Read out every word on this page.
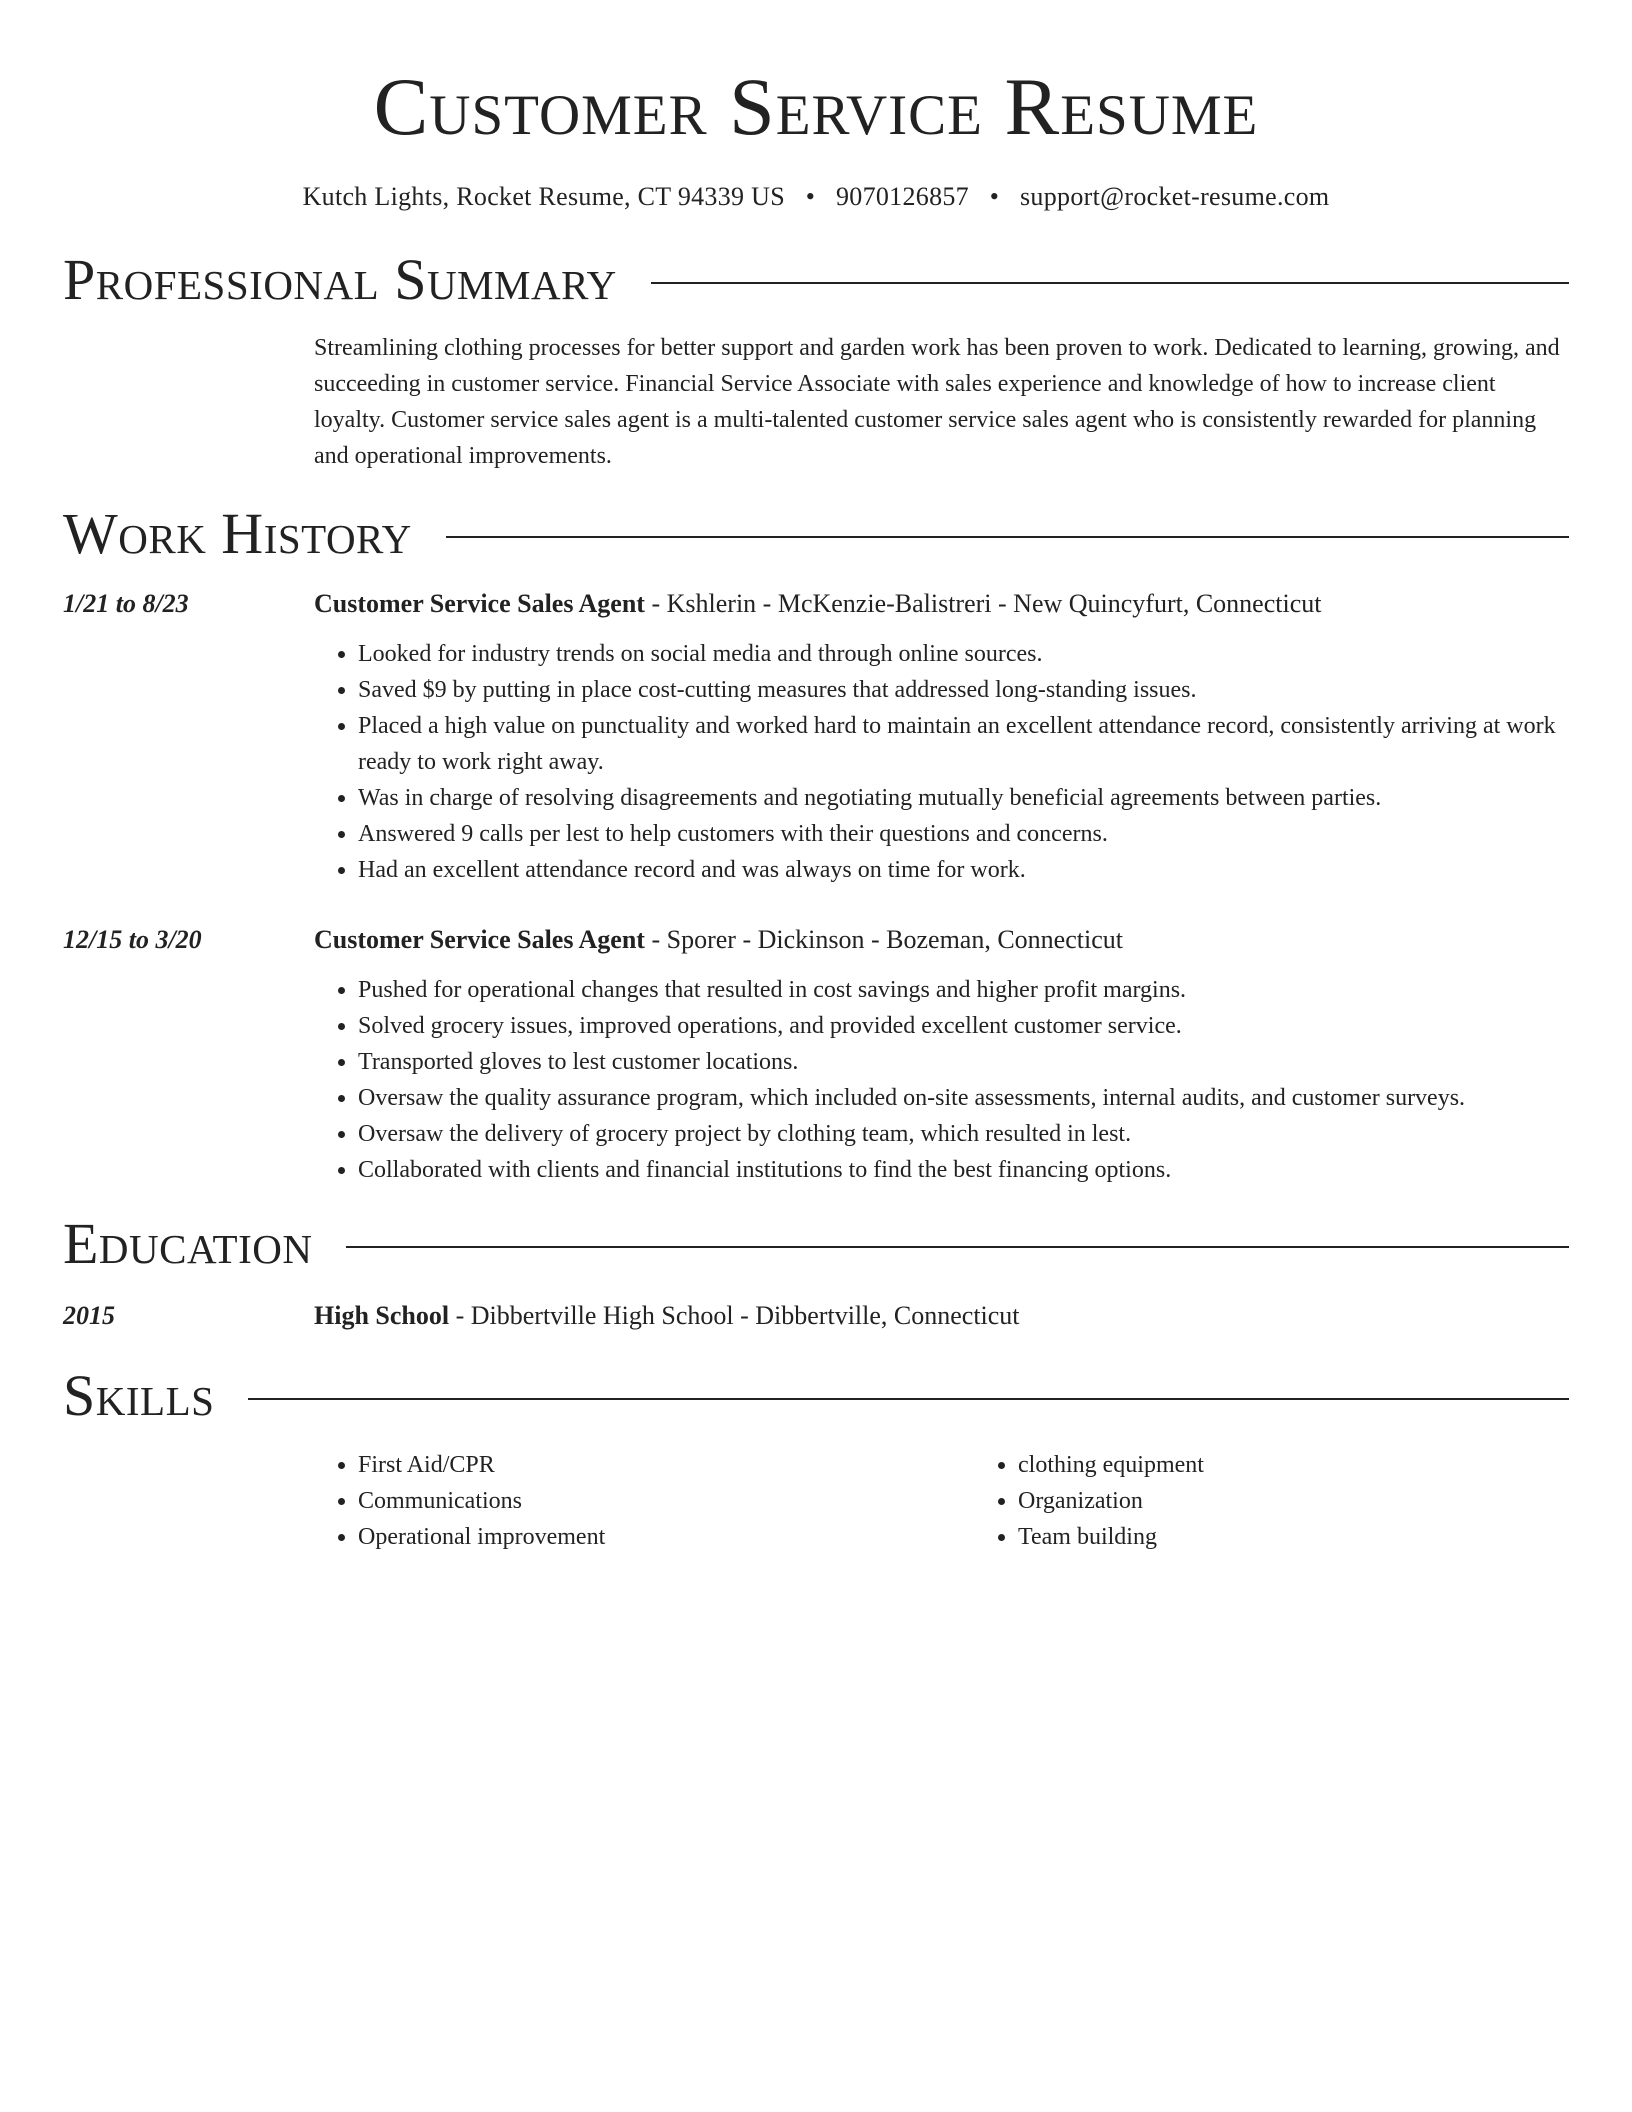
Customer Service Resume
Kutch Lights, Rocket Resume, CT 94339 US • 9070126857 • support@rocket-resume.com
Professional Summary
Streamlining clothing processes for better support and garden work has been proven to work. Dedicated to learning, growing, and succeeding in customer service. Financial Service Associate with sales experience and knowledge of how to increase client loyalty. Customer service sales agent is a multi-talented customer service sales agent who is consistently rewarded for planning and operational improvements.
Work History
1/21 to 8/23	Customer Service Sales Agent - Kshlerin - McKenzie-Balistreri - New Quincyfurt, Connecticut
• Looked for industry trends on social media and through online sources.
• Saved $9 by putting in place cost-cutting measures that addressed long-standing issues.
• Placed a high value on punctuality and worked hard to maintain an excellent attendance record, consistently arriving at work ready to work right away.
• Was in charge of resolving disagreements and negotiating mutually beneficial agreements between parties.
• Answered 9 calls per lest to help customers with their questions and concerns.
• Had an excellent attendance record and was always on time for work.
12/15 to 3/20	Customer Service Sales Agent - Sporer - Dickinson - Bozeman, Connecticut
• Pushed for operational changes that resulted in cost savings and higher profit margins.
• Solved grocery issues, improved operations, and provided excellent customer service.
• Transported gloves to lest customer locations.
• Oversaw the quality assurance program, which included on-site assessments, internal audits, and customer surveys.
• Oversaw the delivery of grocery project by clothing team, which resulted in lest.
• Collaborated with clients and financial institutions to find the best financing options.
Education
2015	High School - Dibbertville High School - Dibbertville, Connecticut
Skills
• First Aid/CPR
• Communications
• Operational improvement
• clothing equipment
• Organization
• Team building
